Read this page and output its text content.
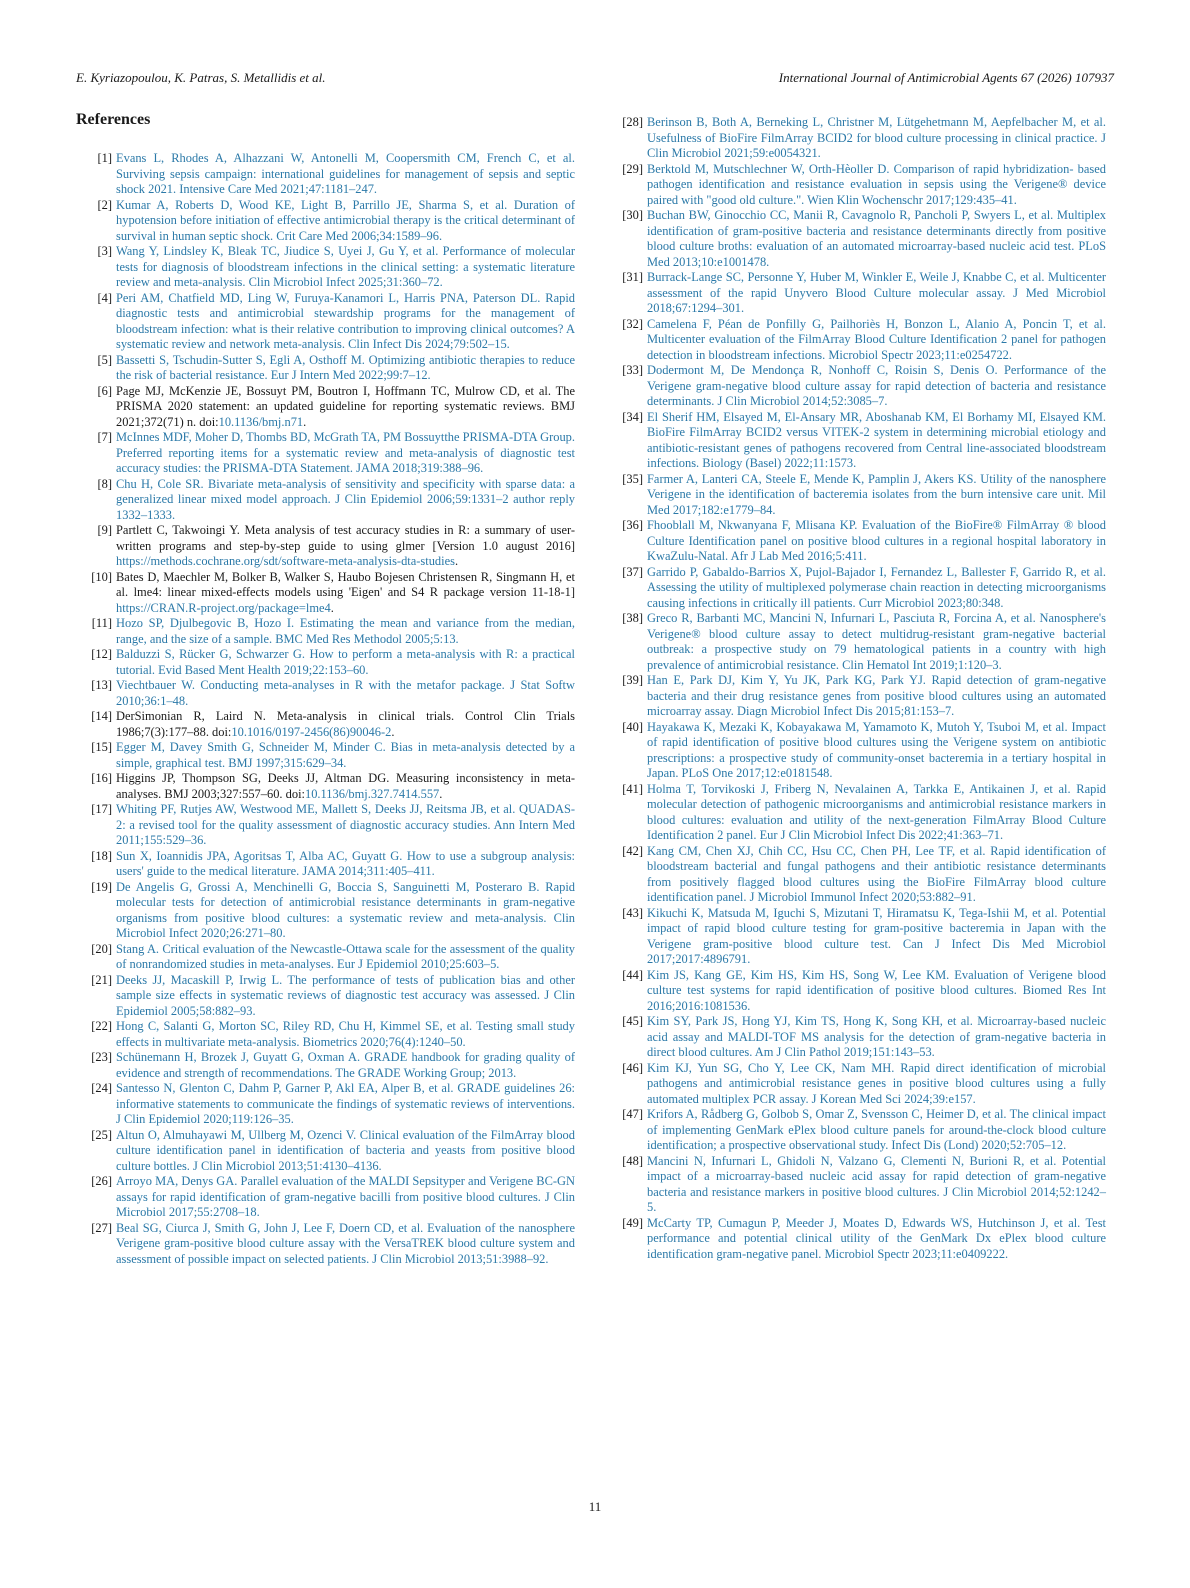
E. Kyriazopoulou, K. Patras, S. Metallidis et al.	International Journal of Antimicrobial Agents 67 (2026) 107937
References
[1] Evans L, Rhodes A, Alhazzani W, Antonelli M, Coopersmith CM, French C, et al. Surviving sepsis campaign: international guidelines for management of sepsis and septic shock 2021. Intensive Care Med 2021;47:1181–247.
[2] Kumar A, Roberts D, Wood KE, Light B, Parrillo JE, Sharma S, et al. Duration of hypotension before initiation of effective antimicrobial therapy is the critical determinant of survival in human septic shock. Crit Care Med 2006;34:1589–96.
[3] Wang Y, Lindsley K, Bleak TC, Jiudice S, Uyei J, Gu Y, et al. Performance of molecular tests for diagnosis of bloodstream infections in the clinical setting: a systematic literature review and meta-analysis. Clin Microbiol Infect 2025;31:360–72.
[4] Peri AM, Chatfield MD, Ling W, Furuya-Kanamori L, Harris PNA, Paterson DL. Rapid diagnostic tests and antimicrobial stewardship programs for the management of bloodstream infection: what is their relative contribution to improving clinical outcomes? A systematic review and network meta-analysis. Clin Infect Dis 2024;79:502–15.
[5] Bassetti S, Tschudin-Sutter S, Egli A, Osthoff M. Optimizing antibiotic therapies to reduce the risk of bacterial resistance. Eur J Intern Med 2022;99:7–12.
[6] Page MJ, McKenzie JE, Bossuyt PM, Boutron I, Hoffmann TC, Mulrow CD, et al. The PRISMA 2020 statement: an updated guideline for reporting systematic reviews. BMJ 2021;372(71) n. doi:10.1136/bmj.n71.
[7] McInnes MDF, Moher D, Thombs BD, McGrath TA, PM Bossuytthe PRISMA-DTA Group. Preferred reporting items for a systematic review and meta-analysis of diagnostic test accuracy studies: the PRISMA-DTA Statement. JAMA 2018;319:388–96.
[8] Chu H, Cole SR. Bivariate meta-analysis of sensitivity and specificity with sparse data: a generalized linear mixed model approach. J Clin Epidemiol 2006;59:1331–2 author reply 1332–1333.
[9] Partlett C, Takwoingi Y. Meta analysis of test accuracy studies in R: a summary of user-written programs and step-by-step guide to using glmer [Version 1.0 august 2016] https://methods.cochrane.org/sdt/software-meta-analysis-dta-studies.
[10] Bates D, Maechler M, Bolker B, Walker S, Haubo Bojesen Christensen R, Singmann H, et al. lme4: linear mixed-effects models using 'Eigen' and S4 R package version 11-18-1] https://CRAN.R-project.org/package=lme4.
[11] Hozo SP, Djulbegovic B, Hozo I. Estimating the mean and variance from the median, range, and the size of a sample. BMC Med Res Methodol 2005;5:13.
[12] Balduzzi S, Rücker G, Schwarzer G. How to perform a meta-analysis with R: a practical tutorial. Evid Based Ment Health 2019;22:153–60.
[13] Viechtbauer W. Conducting meta-analyses in R with the metafor package. J Stat Softw 2010;36:1–48.
[14] DerSimonian R, Laird N. Meta-analysis in clinical trials. Control Clin Trials 1986;7(3):177–88. doi:10.1016/0197-2456(86)90046-2.
[15] Egger M, Davey Smith G, Schneider M, Minder C. Bias in meta-analysis detected by a simple, graphical test. BMJ 1997;315:629–34.
[16] Higgins JP, Thompson SG, Deeks JJ, Altman DG. Measuring inconsistency in meta-analyses. BMJ 2003;327:557–60. doi:10.1136/bmj.327.7414.557.
[17] Whiting PF, Rutjes AW, Westwood ME, Mallett S, Deeks JJ, Reitsma JB, et al. QUADAS-2: a revised tool for the quality assessment of diagnostic accuracy studies. Ann Intern Med 2011;155:529–36.
[18] Sun X, Ioannidis JPA, Agoritsas T, Alba AC, Guyatt G. How to use a subgroup analysis: users' guide to the medical literature. JAMA 2014;311:405–411.
[19] De Angelis G, Grossi A, Menchinelli G, Boccia S, Sanguinetti M, Posteraro B. Rapid molecular tests for detection of antimicrobial resistance determinants in gram-negative organisms from positive blood cultures: a systematic review and meta-analysis. Clin Microbiol Infect 2020;26:271–80.
[20] Stang A. Critical evaluation of the Newcastle-Ottawa scale for the assessment of the quality of nonrandomized studies in meta-analyses. Eur J Epidemiol 2010;25:603–5.
[21] Deeks JJ, Macaskill P, Irwig L. The performance of tests of publication bias and other sample size effects in systematic reviews of diagnostic test accuracy was assessed. J Clin Epidemiol 2005;58:882–93.
[22] Hong C, Salanti G, Morton SC, Riley RD, Chu H, Kimmel SE, et al. Testing small study effects in multivariate meta-analysis. Biometrics 2020;76(4):1240–50.
[23] Schünemann H, Brozek J, Guyatt G, Oxman A. GRADE handbook for grading quality of evidence and strength of recommendations. The GRADE Working Group; 2013.
[24] Santesso N, Glenton C, Dahm P, Garner P, Akl EA, Alper B, et al. GRADE guidelines 26: informative statements to communicate the findings of systematic reviews of interventions. J Clin Epidemiol 2020;119:126–35.
[25] Altun O, Almuhayawi M, Ullberg M, Ozenci V. Clinical evaluation of the FilmArray blood culture identification panel in identification of bacteria and yeasts from positive blood culture bottles. J Clin Microbiol 2013;51:4130–4136.
[26] Arroyo MA, Denys GA. Parallel evaluation of the MALDI Sepsityper and Verigene BC-GN assays for rapid identification of gram-negative bacilli from positive blood cultures. J Clin Microbiol 2017;55:2708–18.
[27] Beal SG, Ciurca J, Smith G, John J, Lee F, Doern CD, et al. Evaluation of the nanosphere Verigene gram-positive blood culture assay with the VersaTREK blood culture system and assessment of possible impact on selected patients. J Clin Microbiol 2013;51:3988–92.
[28] Berinson B, Both A, Berneking L, Christner M, Lütgehetmann M, Aepfelbacher M, et al. Usefulness of BioFire FilmArray BCID2 for blood culture processing in clinical practice. J Clin Microbiol 2021;59:e0054321.
[29] Berktold M, Mutschlechner W, Orth-Hѐoller D. Comparison of rapid hybridization- based pathogen identification and resistance evaluation in sepsis using the Verigene® device paired with "good old culture.". Wien Klin Wochenschr 2017;129:435–41.
[30] Buchan BW, Ginocchio CC, Manii R, Cavagnolo R, Pancholi P, Swyers L, et al. Multiplex identification of gram-positive bacteria and resistance determinants directly from positive blood culture broths: evaluation of an automated microarray-based nucleic acid test. PLoS Med 2013;10:e1001478.
[31] Burrack-Lange SC, Personne Y, Huber M, Winkler E, Weile J, Knabbe C, et al. Multicenter assessment of the rapid Unyvero Blood Culture molecular assay. J Med Microbiol 2018;67:1294–301.
[32] Camelena F, Péan de Ponfilly G, Pailhoriès H, Bonzon L, Alanio A, Poncin T, et al. Multicenter evaluation of the FilmArray Blood Culture Identification 2 panel for pathogen detection in bloodstream infections. Microbiol Spectr 2023;11:e0254722.
[33] Dodermont M, De Mendonça R, Nonhoff C, Roisin S, Denis O. Performance of the Verigene gram-negative blood culture assay for rapid detection of bacteria and resistance determinants. J Clin Microbiol 2014;52:3085–7.
[34] El Sherif HM, Elsayed M, El-Ansary MR, Aboshanab KM, El Borhamy MI, Elsayed KM. BioFire FilmArray BCID2 versus VITEK-2 system in determining microbial etiology and antibiotic-resistant genes of pathogens recovered from Central line-associated bloodstream infections. Biology (Basel) 2022;11:1573.
[35] Farmer A, Lanteri CA, Steele E, Mende K, Pamplin J, Akers KS. Utility of the nanosphere Verigene in the identification of bacteremia isolates from the burn intensive care unit. Mil Med 2017;182:e1779–84.
[36] Fhooblall M, Nkwanyana F, Mlisana KP. Evaluation of the BioFire® FilmArray ® blood Culture Identification panel on positive blood cultures in a regional hospital laboratory in KwaZulu-Natal. Afr J Lab Med 2016;5:411.
[37] Garrido P, Gabaldo-Barrios X, Pujol-Bajador I, Fernandez L, Ballester F, Garrido R, et al. Assessing the utility of multiplexed polymerase chain reaction in detecting microorganisms causing infections in critically ill patients. Curr Microbiol 2023;80:348.
[38] Greco R, Barbanti MC, Mancini N, Infurnari L, Pasciuta R, Forcina A, et al. Nanosphere's Verigene® blood culture assay to detect multidrug-resistant gram-negative bacterial outbreak: a prospective study on 79 hematological patients in a country with high prevalence of antimicrobial resistance. Clin Hematol Int 2019;1:120–3.
[39] Han E, Park DJ, Kim Y, Yu JK, Park KG, Park YJ. Rapid detection of gram-negative bacteria and their drug resistance genes from positive blood cultures using an automated microarray assay. Diagn Microbiol Infect Dis 2015;81:153–7.
[40] Hayakawa K, Mezaki K, Kobayakawa M, Yamamoto K, Mutoh Y, Tsuboi M, et al. Impact of rapid identification of positive blood cultures using the Verigene system on antibiotic prescriptions: a prospective study of community-onset bacteremia in a tertiary hospital in Japan. PLoS One 2017;12:e0181548.
[41] Holma T, Torvikoski J, Friberg N, Nevalainen A, Tarkka E, Antikainen J, et al. Rapid molecular detection of pathogenic microorganisms and antimicrobial resistance markers in blood cultures: evaluation and utility of the next-generation FilmArray Blood Culture Identification 2 panel. Eur J Clin Microbiol Infect Dis 2022;41:363–71.
[42] Kang CM, Chen XJ, Chih CC, Hsu CC, Chen PH, Lee TF, et al. Rapid identification of bloodstream bacterial and fungal pathogens and their antibiotic resistance determinants from positively flagged blood cultures using the BioFire FilmArray blood culture identification panel. J Microbiol Immunol Infect 2020;53:882–91.
[43] Kikuchi K, Matsuda M, Iguchi S, Mizutani T, Hiramatsu K, Tega-Ishii M, et al. Potential impact of rapid blood culture testing for gram-positive bacteremia in Japan with the Verigene gram-positive blood culture test. Can J Infect Dis Med Microbiol 2017;2017:4896791.
[44] Kim JS, Kang GE, Kim HS, Kim HS, Song W, Lee KM. Evaluation of Verigene blood culture test systems for rapid identification of positive blood cultures. Biomed Res Int 2016;2016:1081536.
[45] Kim SY, Park JS, Hong YJ, Kim TS, Hong K, Song KH, et al. Microarray-based nucleic acid assay and MALDI-TOF MS analysis for the detection of gram-negative bacteria in direct blood cultures. Am J Clin Pathol 2019;151:143–53.
[46] Kim KJ, Yun SG, Cho Y, Lee CK, Nam MH. Rapid direct identification of microbial pathogens and antimicrobial resistance genes in positive blood cultures using a fully automated multiplex PCR assay. J Korean Med Sci 2024;39:e157.
[47] Krifors A, Rådberg G, Golbob S, Omar Z, Svensson C, Heimer D, et al. The clinical impact of implementing GenMark ePlex blood culture panels for around-the-clock blood culture identification; a prospective observational study. Infect Dis (Lond) 2020;52:705–12.
[48] Mancini N, Infurnari L, Ghidoli N, Valzano G, Clementi N, Burioni R, et al. Potential impact of a microarray-based nucleic acid assay for rapid detection of gram-negative bacteria and resistance markers in positive blood cultures. J Clin Microbiol 2014;52:1242–5.
[49] McCarty TP, Cumagun P, Meeder J, Moates D, Edwards WS, Hutchinson J, et al. Test performance and potential clinical utility of the GenMark Dx ePlex blood culture identification gram-negative panel. Microbiol Spectr 2023;11:e0409222.
11
